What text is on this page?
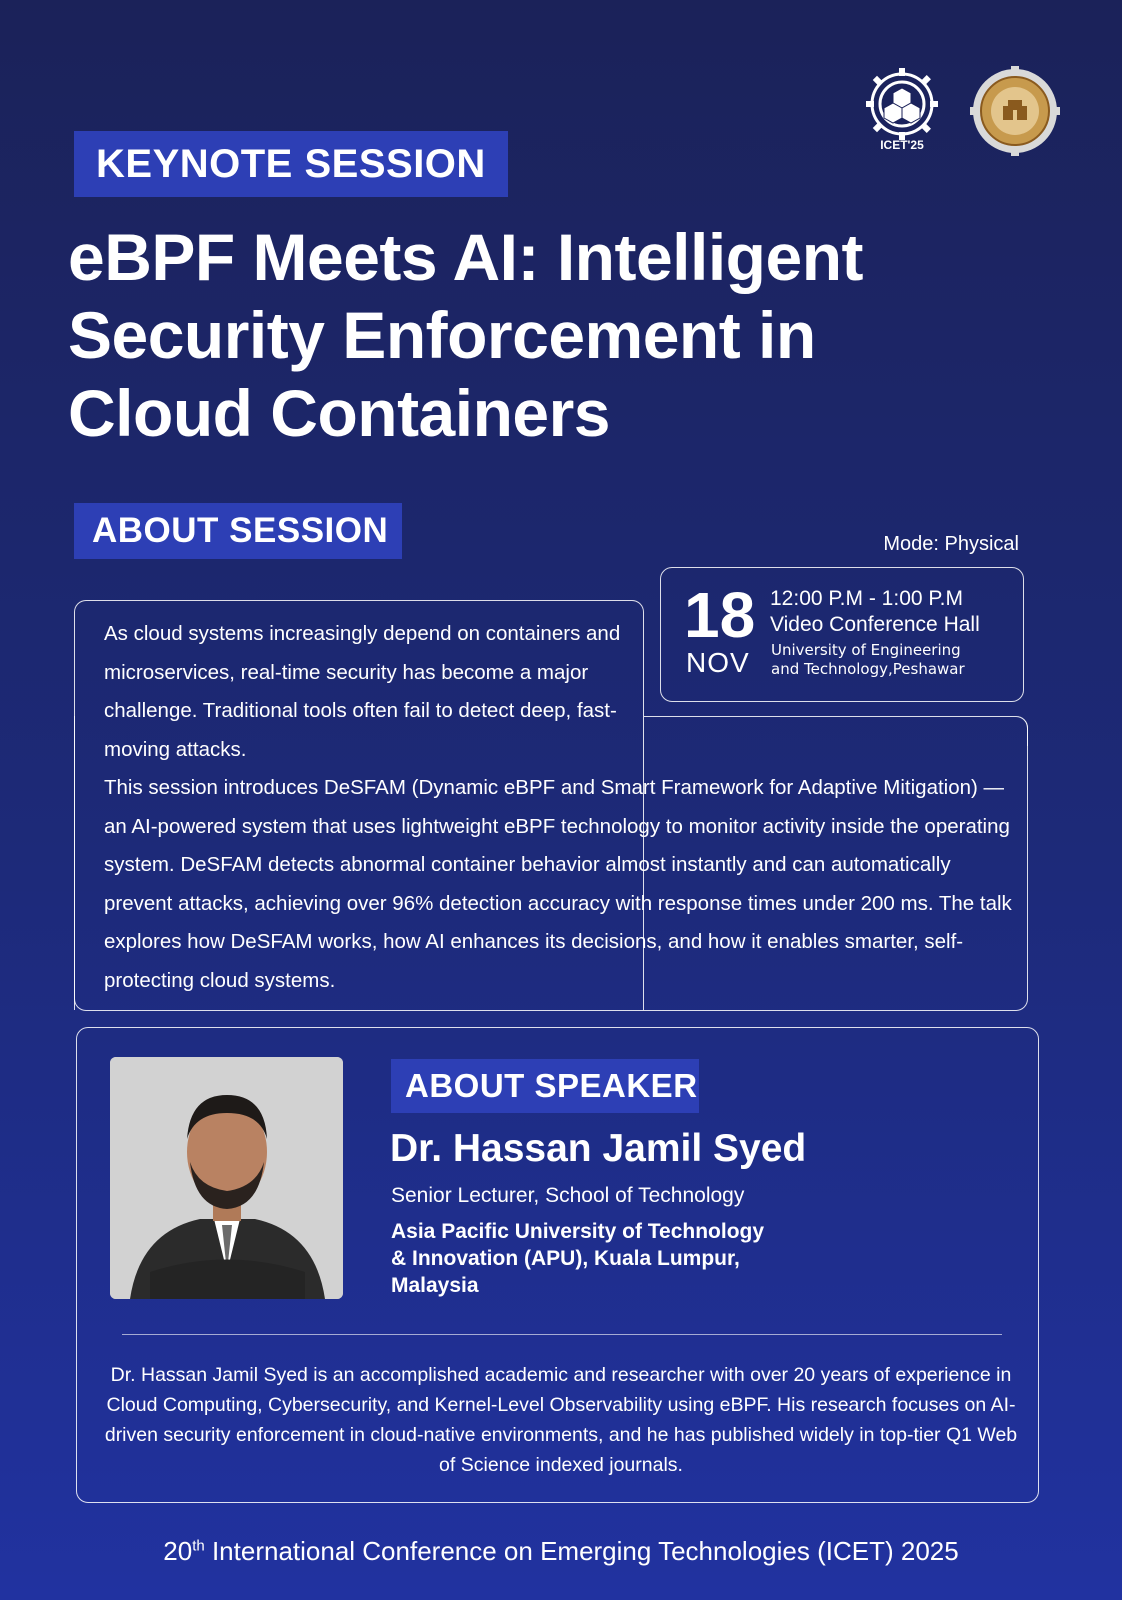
ICET'25
KEYNOTE SESSION
eBPF Meets AI: Intelligent
Security Enforcement in
Cloud Containers
ABOUT SESSION	Mode: Physical
18
NOV
12:00 P.M - 1:00 P.M
Video Conference Hall
University of Engineering
and Technology,Peshawar

As cloud systems increasingly depend on containers and microservices, real-time security has become a major challenge. Traditional tools often fail to detect deep, fast-moving attacks.

This session introduces DeSFAM (Dynamic eBPF and Smart Framework for Adaptive Mitigation) — an AI-powered system that uses lightweight eBPF technology to monitor activity inside the operating system. DeSFAM detects abnormal container behavior almost instantly and can automatically prevent attacks, achieving over 96% detection accuracy with response times under 200 ms. The talk explores how DeSFAM works, how AI enhances its decisions, and how it enables smarter, self-protecting cloud systems.

ABOUT SPEAKER
Dr. Hassan Jamil Syed
Senior Lecturer, School of Technology
Asia Pacific University of Technology
& Innovation (APU), Kuala Lumpur,
Malaysia
Dr. Hassan Jamil Syed is an accomplished academic and researcher with over 20 years of experience in Cloud Computing, Cybersecurity, and Kernel-Level Observability using eBPF. His research focuses on AI-driven security enforcement in cloud-native environments, and he has published widely in top-tier Q1 Web of Science indexed journals.
20th International Conference on Emerging Technologies (ICET) 2025
